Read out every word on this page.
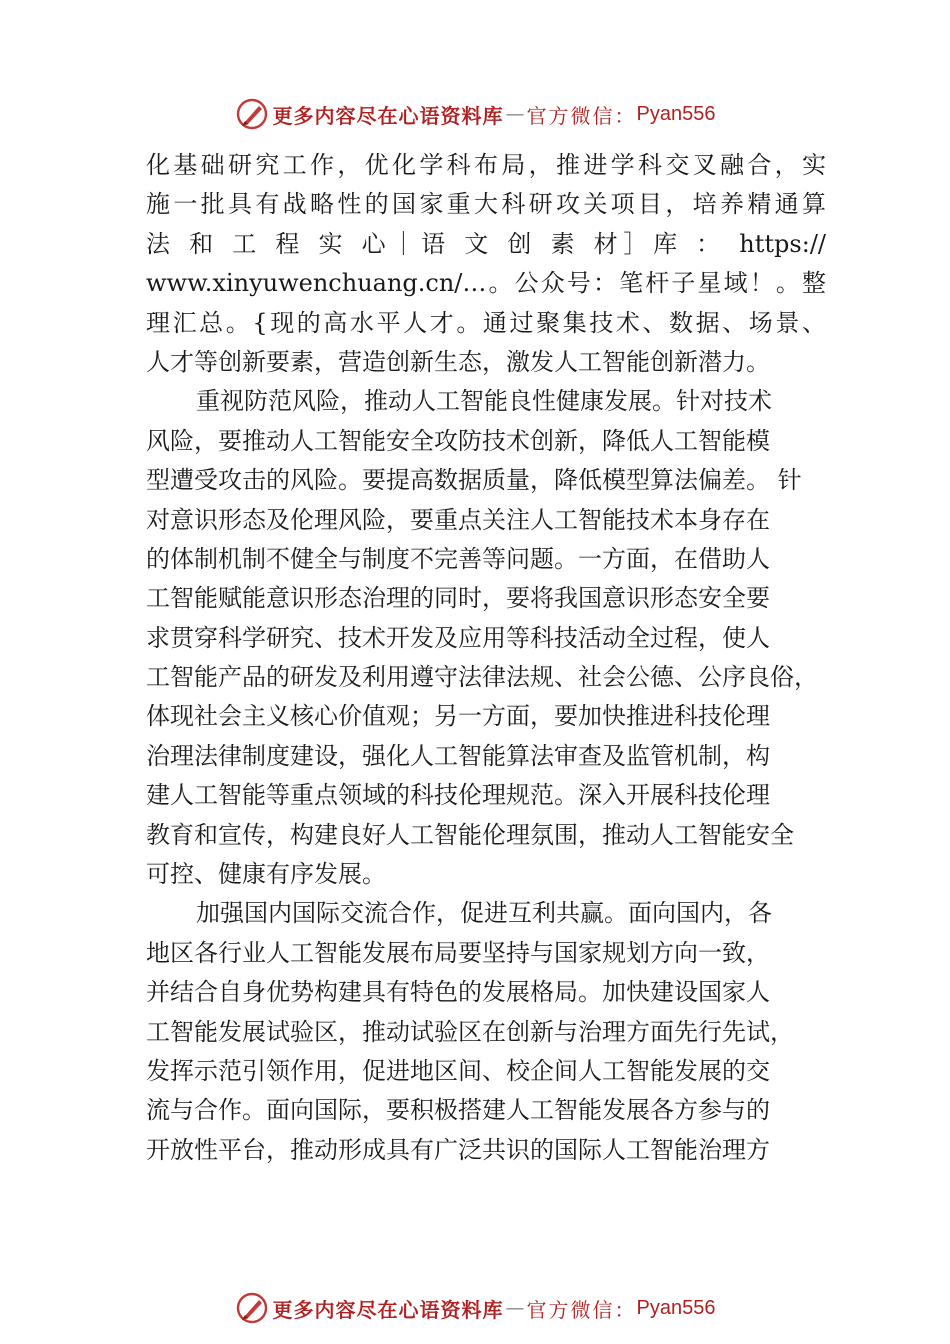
更多内容尽在心语资料库 — 官方微信： Pyan556
化基础研究工作，优化学科布局，推进学科交叉融合，实
施一批具有战略性的国家重大科研攻关项目，培养精通算
法 和 工 程 实 心｜语 文 创 素 材］库 ： https://
www.xinyuwenchuang.cn/…。公众号：笔杆子星域！。整
理汇总。{现的高水平人才。通过聚集技术、数据、场景、
人才等创新要素，营造创新生态，激发人工智能创新潜力。
重视防范风险，推动人工智能良性健康发展。针对技术
风险，要推动人工智能安全攻防技术创新，降低人工智能模
型遭受攻击的风险。要提高数据质量，降低模型算法偏差。 针
对意识形态及伦理风险，要重点关注人工智能技术本身存在
的体制机制不健全与制度不完善等问题。一方面，在借助人
工智能赋能意识形态治理的同时，要将我国意识形态安全要
求贯穿科学研究、技术开发及应用等科技活动全过程，使人
工智能产品的研发及利用遵守法律法规、社会公德、公序良俗，
体现社会主义核心价值观；另一方面，要加快推进科技伦理
治理法律制度建设，强化人工智能算法审查及监管机制，构
建人工智能等重点领域的科技伦理规范。深入开展科技伦理
教育和宣传，构建良好人工智能伦理氛围，推动人工智能安全
可控、健康有序发展。
加强国内国际交流合作，促进互利共赢。面向国内，各
地区各行业人工智能发展布局要坚持与国家规划方向一致，
并结合自身优势构建具有特色的发展格局。加快建设国家人
工智能发展试验区，推动试验区在创新与治理方面先行先试，
发挥示范引领作用，促进地区间、校企间人工智能发展的交
流与合作。面向国际，要积极搭建人工智能发展各方参与的
开放性平台，推动形成具有广泛共识的国际人工智能治理方
更多内容尽在心语资料库 — 官方微信： Pyan556
